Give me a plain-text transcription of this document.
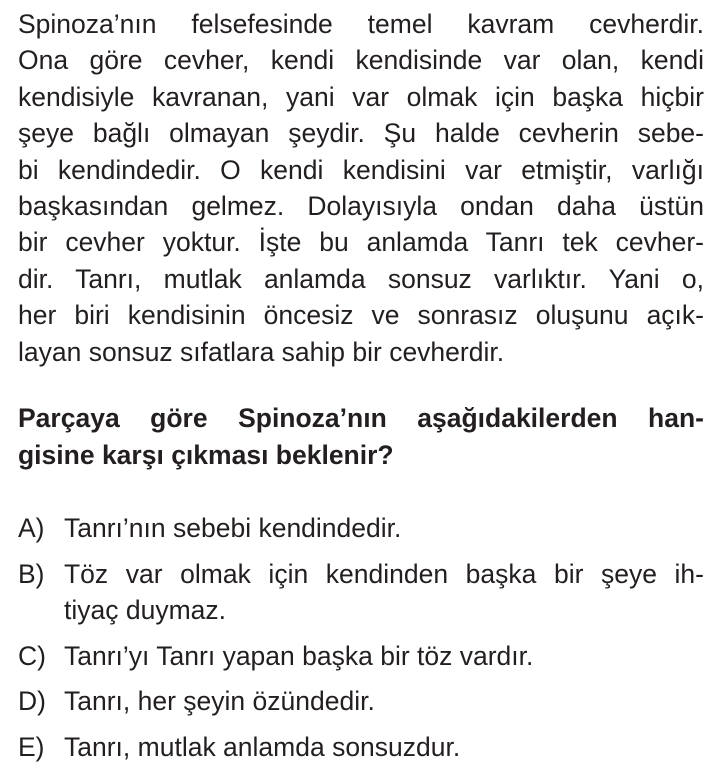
Spinoza’nın felsefesinde temel kavram cevherdir.
Ona göre cevher, kendi kendisinde var olan, kendi
kendisiyle kavranan, yani var olmak için başka hiçbir
şeye bağlı olmayan şeydir. Şu halde cevherin sebe-
bi kendindedir. O kendi kendisini var etmiştir, varlığı
başkasından gelmez. Dolayısıyla ondan daha üstün
bir cevher yoktur. İşte bu anlamda Tanrı tek cevher-
dir. Tanrı, mutlak anlamda sonsuz varlıktır. Yani o,
her biri kendisinin öncesiz ve sonrasız oluşunu açık-
layan sonsuz sıfatlara sahip bir cevherdir.

Parçaya göre Spinoza’nın aşağıdakilerden han-
gisine karşı çıkması beklenir?

A) Tanrı’nın sebebi kendindedir.
B) Töz var olmak için kendinden başka bir şeye ih-
tiyaç duymaz.
C) Tanrı’yı Tanrı yapan başka bir töz vardır.
D) Tanrı, her şeyin özündedir.
E) Tanrı, mutlak anlamda sonsuzdur.
